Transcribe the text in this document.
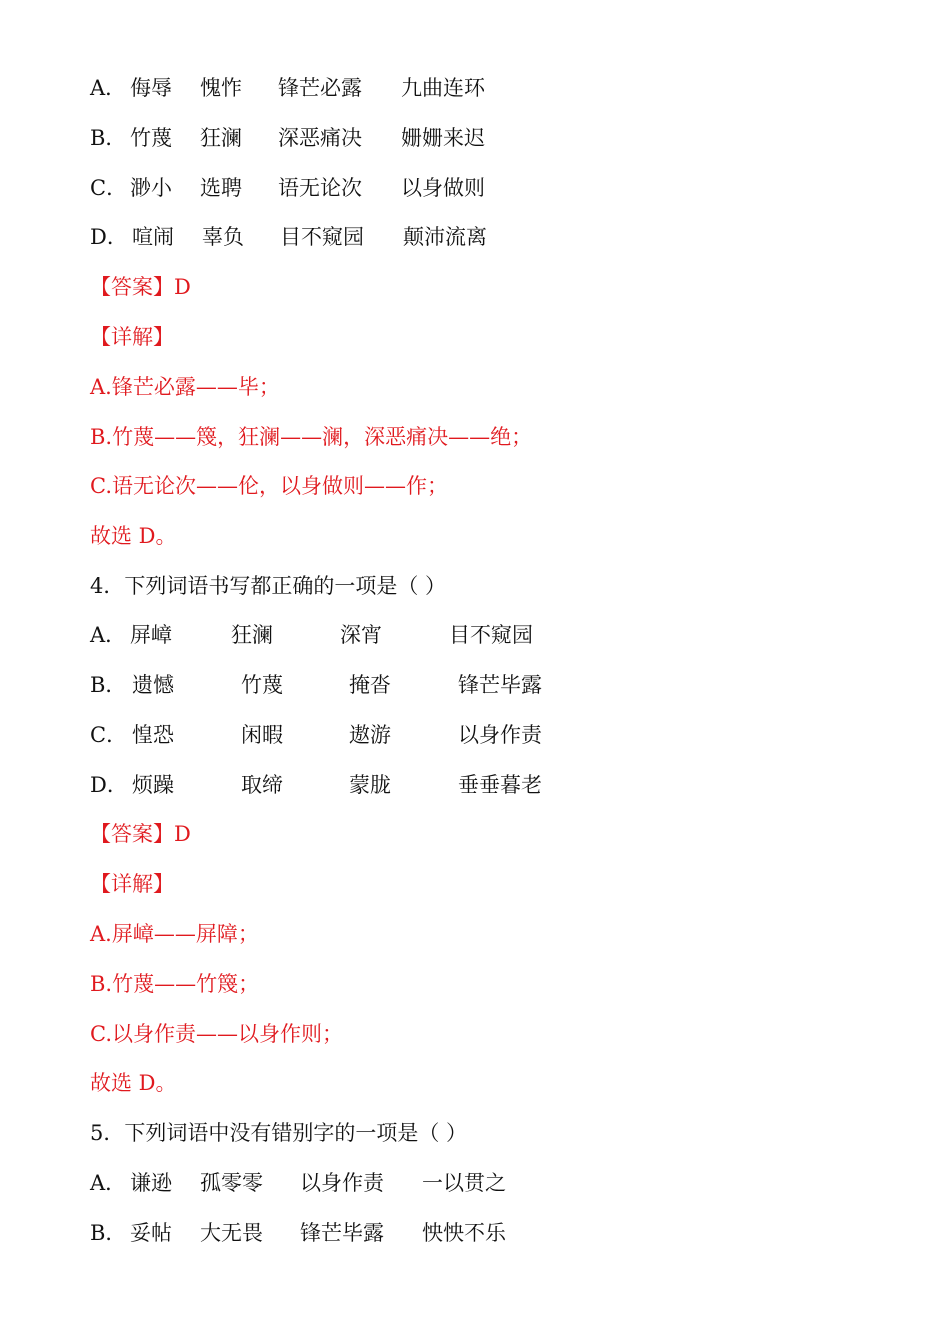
A． 侮辱 愧怍 锋芒必露 九曲连环
B． 竹蔑 狂澜 深恶痛决 姗姗来迟
C． 渺小 选聘 语无论次 以身做则
D． 喧闹 辜负 目不窥园 颠沛流离
【答案】D
【详解】
A.锋芒必露——毕；
B.竹蔑——篾，狂澜——澜，深恶痛决——绝；
C.语无论次——伦，以身做则——作；
故选 D。
4．下列词语书写都正确的一项是（ ）
A． 屏嶂	狂澜	深宵	目不窥园
B． 遗憾	竹蔑	掩沓	锋芒毕露
C． 惶恐	闲暇	遨游	以身作责
D． 烦躁	取缔	蒙胧	垂垂暮老
【答案】D
【详解】
A.屏嶂——屏障；
B.竹蔑——竹篾；
C.以身作责——以身作则；
故选 D。
5．下列词语中没有错别字的一项是（ ）
A． 谦逊 孤零零 以身作责 一以贯之
B． 妥帖 大无畏 锋芒毕露 怏怏不乐
